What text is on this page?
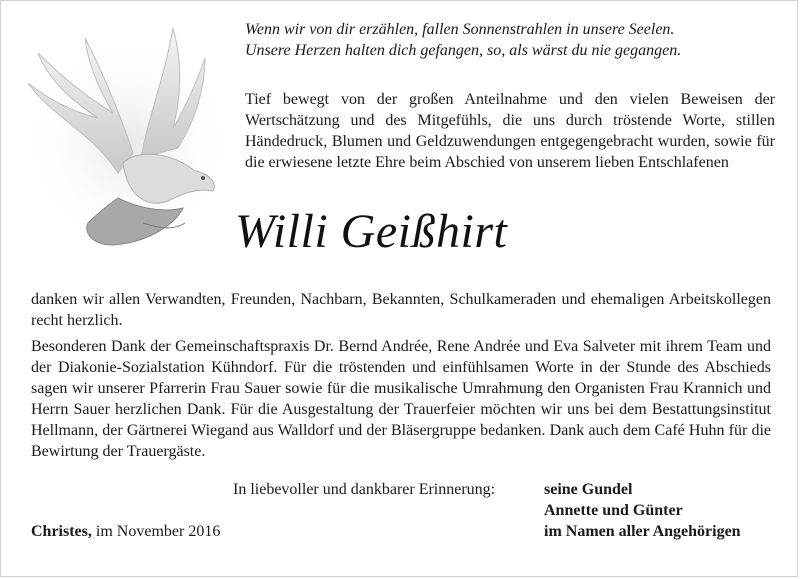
Wenn wir von dir erzählen, fallen Sonnenstrahlen in unsere Seelen.
Unsere Herzen halten dich gefangen, so, als wärst du nie gegangen.
Tief bewegt von der großen Anteilnahme und den vielen Beweisen der Wertschätzung und des Mitgefühls, die uns durch tröstende Worte, stillen Händedruck, Blumen und Geldzuwendungen entgegengebracht wurden, sowie für die erwiesene letzte Ehre beim Abschied von unserem lieben Entschlafenen
Willi Geißhirt
danken wir allen Verwandten, Freunden, Nachbarn, Bekannten, Schulkameraden und ehemaligen Arbeitskollegen recht herzlich.
Besonderen Dank der Gemeinschaftspraxis Dr. Bernd Andrée, Rene Andrée und Eva Salveter mit ihrem Team und der Diakonie-Sozialstation Kühndorf. Für die tröstenden und einfühlsamen Worte in der Stunde des Abschieds sagen wir unserer Pfarrerin Frau Sauer sowie für die musikalische Umrahmung den Organisten Frau Krannich und Herrn Sauer herzlichen Dank. Für die Ausgestaltung der Trauerfeier möchten wir uns bei dem Bestattungsinstitut Hellmann, der Gärtnerei Wiegand aus Walldorf und der Bläsergruppe bedanken. Dank auch dem Café Huhn für die Bewirtung der Trauergäste.
In liebevoller und dankbarer Erinnerung:	seine Gundel
Annette und Günter
im Namen aller Angehörigen
Christes, im November 2016
